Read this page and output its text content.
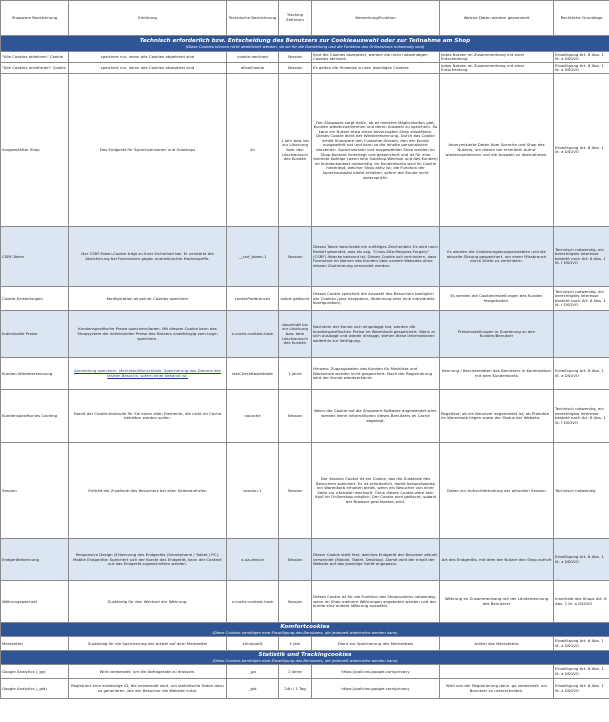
Shopware Bezeichnung	Erklärung	Technische Bezeichnung	Tracking Zeitraum	Bemerkung/Funktion	Welche Daten werden gesammelt	Rechtliche Grundlage

Technisch erforderlich bzw. Entscheidung des Benutzers zur Cookieauswahl oder zur Teilnahme am Shop
(Diese Cookies können nicht deaktiviert werden, da sie für die Darstellung und die Funktion des Onlineshops notwendig sind)						

"Alle Cookies ablehnen" Cookie	speichert nur, wenn alle Cookies abgelehnt sind	cookie-declined	Session	Sind die Cookies akzeptiert, werden die nicht notwendigen Cookies aktiviert.	Jedes Nutzen im Zusammenhang mit einer Entscheidung	Einwilligung Art. 6 Abs. 1 lit. a DSGVO
"Alle Cookies annehmen" Cookie	speichert nur, wenn alle Cookies akzeptiert sind	allowCookie	Session	Es gelten die Hinweise zu den jeweiligen Cookies	Jedes Nutzen im Zusammenhang mit einer Entscheidung	Einwilligung Art. 6 Abs. 1 lit. a DSGVO
Ausgewählter Shop	Das Endgerät für Sprachversionen und Subshops	sh	1 Jahr bzw. bis zur Löschung bzw. den Löschwunsch des Kunden	Der Shopware sorgt dafür, ob es mehrere Möglichkeiten gibt, Kunden wiederzuerkennen und deren Auswahl zu speichern. So kann ein Nutzer etwa einen bevorzugten Shop auswählen. Dieses Cookie dient der Wiedererkennung. Durch das Cookie erhält Shopware den Customer-Stream, den der Kunde ausgewählt hat und kann so die Inhalte personalisiert darstellen. Sprachversion und ausgewählter Shop werden im Shop-Kontext hinterlegt und gespeichert und ist für eine korrekte Abfolge (wenn kein Subshop-Wechsel und des Kunden) im Kundenkontext notwendig. Im Kundenkonto wird im Cookie hinterlegt, welcher Shop aktiv ist; die Funktion der Sprachauswahl bleibt erhalten, sofern der Kunde nicht widerspricht.	Anonymisierte Daten über Sprache und Shop des Nutzers, um diesen bei erneutem Aufruf wiederzuerkennen und die Auswahl zu übernehmen.	Einwilligung Art. 6 Abs. 1 lit. a DSGVO
CSRF-Token	Der CSRF-Token-Cookie trägt zu Ihrer Sicherheit bei. Er verstärkt die Absicherung bei Formularen gegen unerwünschte Hackangriffe.	__csrf_token-1	Session	Dieses Token beschreibt ein zufälliges Zeichenbild. Es wird nach Bedarf gesendet, was als sog. "Cross-Site-Request-Forgery" (CSRF) Attacke bekannt ist. Dieses Cookie soll verhindern, dass Formulare im Namen des Kunden über andere Websites ohne dessen Zustimmung versendet werden.	Es werden die Cookieumgebungsvariablen und die aktuelle Sitzung gespeichert, um einen Missbrauch durch Dritte zu verhindern.	Technisch notwendig, ein berechtigtes Interesse besteht nach Art. 6 Abs. 1 lit. f DSGVO
Cookie-Einstellungen	Konfiguration einzelner Cookies speichern	cookiePreferences	sofort gelöscht	Dieses Cookie speichert die Auswahl des Besuchers bezüglich der Cookies (also Akzeptanz, Ablehnung oder eine individuelle Konfiguration).	Es werden die Cookieeinstellungen des Kunden festgehalten.	Technisch notwendig, ein berechtigtes Interesse besteht nach Art. 6 Abs. 1 lit. f DSGVO
Individuelle Preise	Kundenspezifische Preise speichern/laden. Mit diesem Cookie kann das Shopsystem die individuellen Preise des Nutzers unabhängig vom Login speichern.	x-cache-context-hash	dauerhaft bis zur Löschung bzw. dem Löschwunsch des Kunden	Nachdem der Kunde sich eingeloggt hat, werden die kundenspezifischen Preise im Warenkorb gespeichert. Wenn er sich ausloggt und wieder einloggt, stehen diese Informationen weiterhin zur Verfügung.	Preiseinstellungen in Zuordnung zu den Kunden/Benutzer	
Kunden-Wiedererkennung	Anmeldung speichern. Merkliste/Wunschliste. Speicherung des Datums des letzten Besuchs, sofern einer bekannt ist.	lastCheckBasketdate	2 Jahre	Hinweis: Zugangsdaten des Kunden für Merkliste und Warenkorb werden nicht gespeichert. Nach der Registrierung wird der Kunde wiedererkannt.	Kennung / Benutzerdaten des Benutzers in Kombination mit dem Kundenkonto	Einwilligung Art. 6 Abs. 1 lit. a DSGVO
Kundenspezifisches Caching	Damit der Cookie-Kontrolle für Sie einen allen Elemente, die nicht im Cache behalten werden sollen.	nocache	Session	Wenn der Cookie auf die Shopware-Software angewendet wird, werden keine Informationen dieses Benutzers im Cache abgelegt.	Regeltext, ob ein Benutzer angemeldet ist, ob Produkte im Warenkorb liegen sowie der Status der Website.	Technisch notwendig, ein berechtigtes Interesse besteht nach Art. 6 Abs. 1 lit. f DSGVO
Session	Enthält die Zustände des Besuchers bei allen Seitenaufrufen	session-1	Session	Der Session Cookie ist ein Cookie, das die Zustände des Besuchers speichert. Es ist erforderlich, damit beispielsweise ein Warenkorb erhalten bleibt, wenn ein Besucher von einer Seite zur nächsten wechselt. Ohne diesen Cookie wäre kein Kauf im Onlineshop möglich. Der Cookie wird gelöscht, sobald der Browser geschlossen wird.	Daten zur Aufrechterhaltung der aktuellen Session	Technisch notwendig
Endgerätekennung	Responsive Design (Erkennung des Endgeräts (Smartphone / Tablet / PC). Mobile Endgeräte: Speichert sich der Kunde das Endgerät, kann der Content auf das Endgerät zugeschnitten werden.	x-ua-device	Session	Dieser Cookie stellt fest, welches Endgerät der Benutzer aktuell verwendet (Mobile, Tablet, Desktop). Damit wird der Inhalt der Website auf das jeweilige Gerät angepasst.	Art des Endgeräts, mit dem der Nutzer den Shop aufruft	Einwilligung Art. 6 Abs. 1 lit. a DSGVO
Währungswechsel	Zuständig für den Wechsel der Währung.	x-cache-context-hash	Session	Dieses Cookie ist für die Funktion des Shopsystems notwendig, wenn im Shop mehrere Währungen angeboten werden und der Kunde eine andere Währung auswählt.	Währung im Zusammenhang mit der Länderkennung des Benutzers	Innerhalb des Shops Art. 6 Abs. 1 lit. a DSGVO

Komfortcookies
(Diese Cookies benötigen eine Einwilligung des Benutzers, die jederzeit widerrufen werden kann)						

Merkzettel	Zuständig für die Speicherung der Artikel auf dem Merkzettel	sUniqueID	1 Jahr	Dient zur Speicherung des Merkzettels	Artikel des Merkzettels	Einwilligung Art. 6 Abs. 1 lit. a DSGVO

Statistik und Trackingcookies
(Diese Cookies benötigen eine Einwilligung des Benutzers, die jederzeit widerrufen werden kann)						

Google Analytics (_ga)	Wird verwendet, um die Abfragerate zu drosseln.	_ga	2 Jahre	https://policies.google.com/privacy		Einwilligung Art. 6 Abs. 1 lit. a DSGVO
Google Analytics (_gid)	Registriert eine eindeutige ID, die verwendet wird, um statistische Daten dazu zu generieren, wie der Besucher die Website nutzt.	_gid	24h / 1 Tag	https://policies.google.com/privacy	Wird von der Registrierung dann .ga verwendet, um Benutzer zu unterscheiden.	Einwilligung Art. 6 Abs. 1 lit. a DSGVO
